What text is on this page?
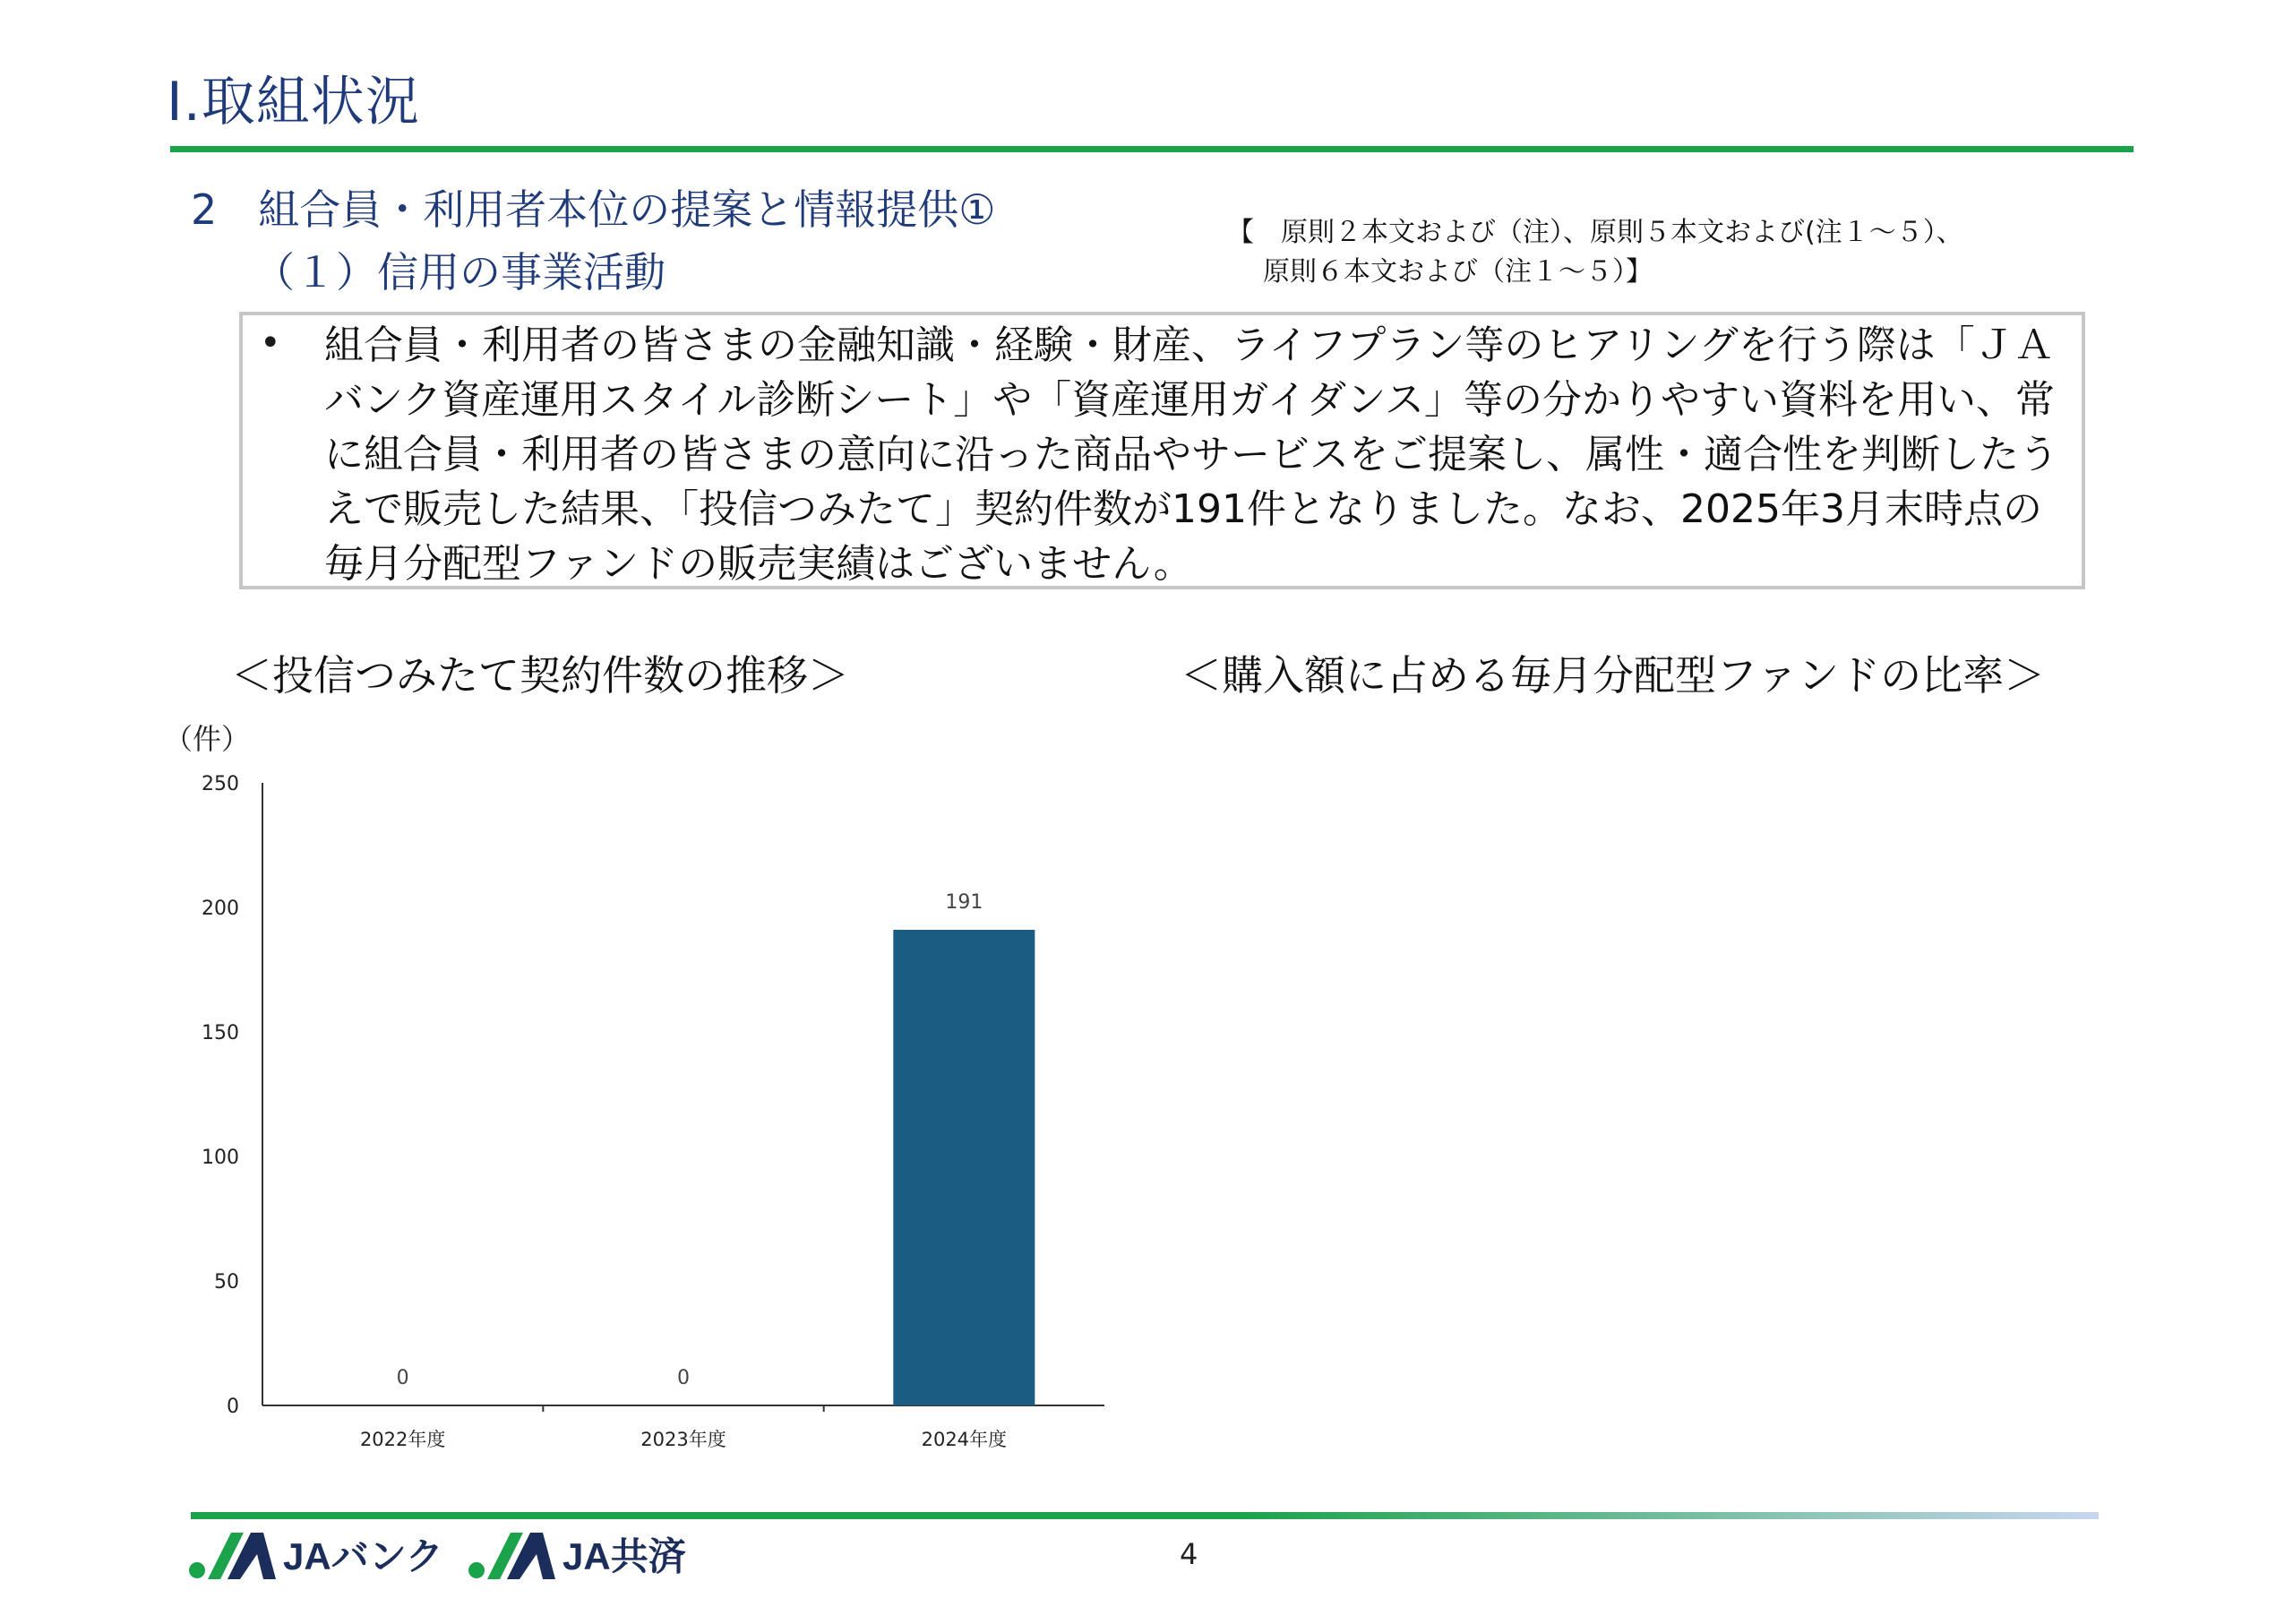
Ⅰ.取組状況
2　組合員・利用者本位の提案と情報提供①
（１）信用の事業活動
【　原則２本文および（注）、原則５本文および(注１～５）、
原則６本文および（注１～５）】
• 組合員・利用者の皆さまの金融知識・経験・財産、ライフプラン等のヒアリングを行う際は「ＪＡバンク資産運用スタイル診断シート」や「資産運用ガイダンス」等の分かりやすい資料を用い、常に組合員・利用者の皆さまの意向に沿った商品やサービスをご提案し、属性・適合性を判断したうえで販売した結果、「投信つみたて」契約件数が191件となりました。なお、2025年3月末時点の毎月分配型ファンドの販売実績はございません。
＜投信つみたて契約件数の推移＞	＜購入額に占める毎月分配型ファンドの比率＞
（件）
0
50
100
150
200
250
0
2022年度
0
2023年度
191
2024年度
JAバンク	JA共済	4
